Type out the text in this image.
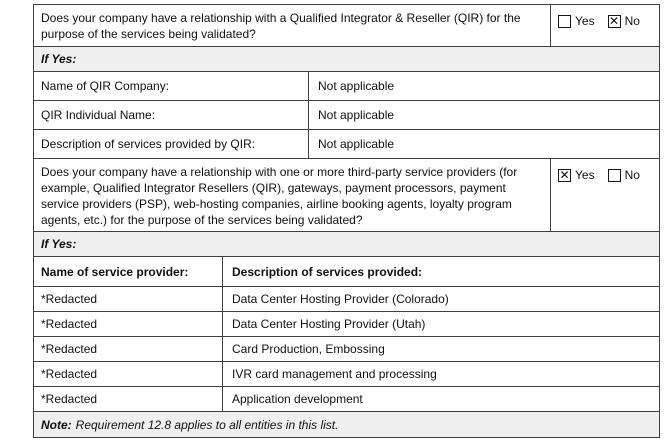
Does your company have a relationship with a Qualified Integrator & Reseller (QIR) for the purpose of the services being validated?
Yes ✕ No
If Yes:
Name of QIR Company:	Not applicable
QIR Individual Name:	Not applicable
Description of services provided by QIR:	Not applicable
Does your company have a relationship with one or more third-party service providers (for example, Qualified Integrator Resellers (QIR), gateways, payment processors, payment service providers (PSP), web-hosting companies, airline booking agents, loyalty program agents, etc.) for the purpose of the services being validated?
✕ Yes	No
If Yes:
Name of service provider:	Description of services provided:
*Redacted	Data Center Hosting Provider (Colorado)
*Redacted	Data Center Hosting Provider (Utah)
*Redacted	Card Production, Embossing
*Redacted	IVR card management and processing
*Redacted	Application development
Note: Requirement 12.8 applies to all entities in this list.
